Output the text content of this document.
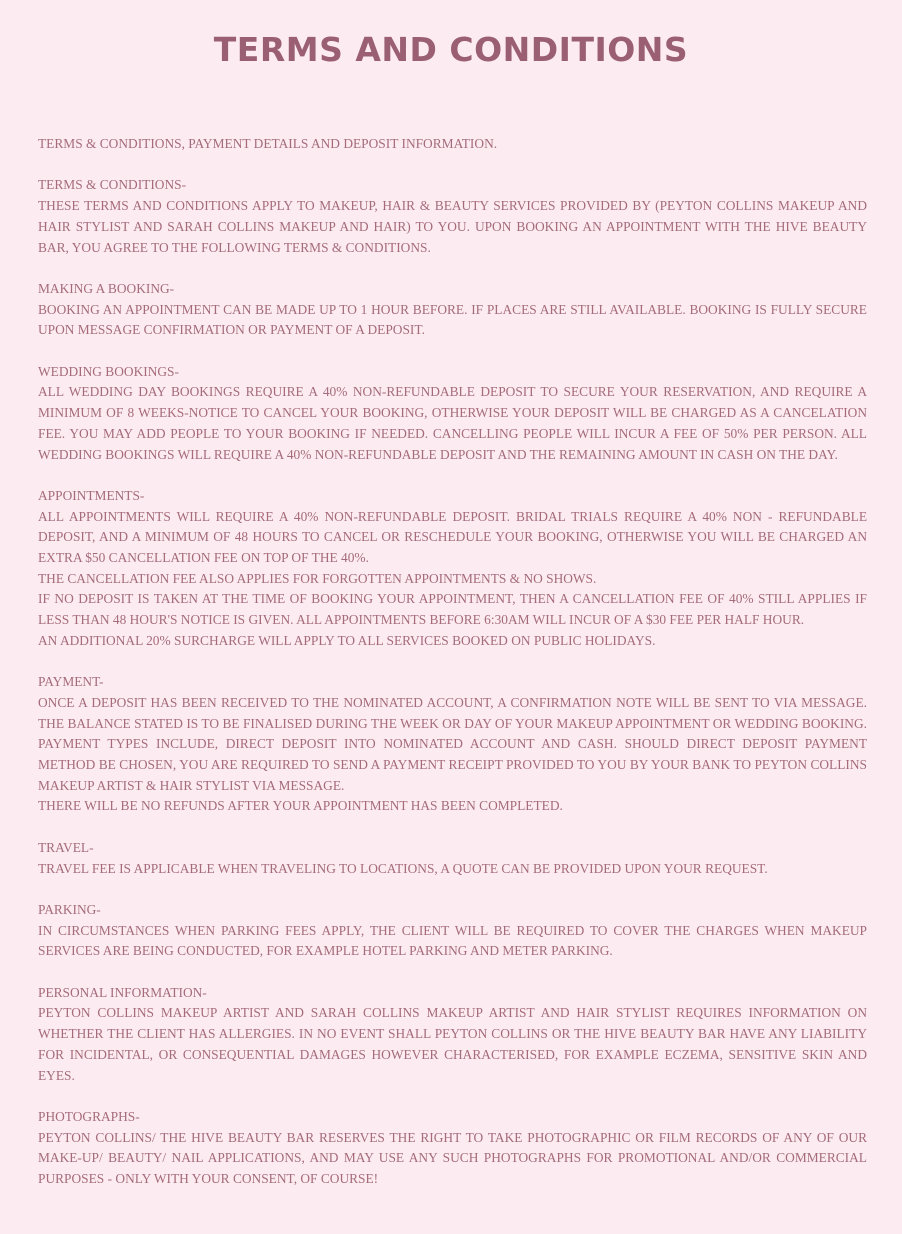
TERMS AND CONDITIONS

TERMS & CONDITIONS, PAYMENT DETAILS AND DEPOSIT INFORMATION.

TERMS & CONDITIONS-

THESE TERMS AND CONDITIONS APPLY TO MAKEUP, HAIR & BEAUTY SERVICES PROVIDED BY (PEYTON COLLINS MAKEUP AND HAIR STYLIST AND SARAH COLLINS MAKEUP AND HAIR) TO YOU. UPON BOOKING AN APPOINTMENT WITH THE HIVE BEAUTY BAR, YOU AGREE TO THE FOLLOWING TERMS & CONDITIONS.

MAKING A BOOKING-

BOOKING AN APPOINTMENT CAN BE MADE UP TO 1 HOUR BEFORE. IF PLACES ARE STILL AVAILABLE. BOOKING IS FULLY SECURE UPON MESSAGE CONFIRMATION OR PAYMENT OF A DEPOSIT.

WEDDING BOOKINGS-

ALL WEDDING DAY BOOKINGS REQUIRE A 40% NON-REFUNDABLE DEPOSIT TO SECURE YOUR RESERVATION, AND REQUIRE A MINIMUM OF 8 WEEKS-NOTICE TO CANCEL YOUR BOOKING, OTHERWISE YOUR DEPOSIT WILL BE CHARGED AS A CANCELATION FEE. YOU MAY ADD PEOPLE TO YOUR BOOKING IF NEEDED. CANCELLING PEOPLE WILL INCUR A FEE OF 50% PER PERSON. ALL WEDDING BOOKINGS WILL REQUIRE A 40% NON-REFUNDABLE DEPOSIT AND THE REMAINING AMOUNT IN CASH ON THE DAY.

APPOINTMENTS-

ALL APPOINTMENTS WILL REQUIRE A 40% NON-REFUNDABLE DEPOSIT. BRIDAL TRIALS REQUIRE A 40% NON - REFUNDABLE DEPOSIT, AND A MINIMUM OF 48 HOURS TO CANCEL OR RESCHEDULE YOUR BOOKING, OTHERWISE YOU WILL BE CHARGED AN EXTRA $50 CANCELLATION FEE ON TOP OF THE 40%.

THE CANCELLATION FEE ALSO APPLIES FOR FORGOTTEN APPOINTMENTS & NO SHOWS.

IF NO DEPOSIT IS TAKEN AT THE TIME OF BOOKING YOUR APPOINTMENT, THEN A CANCELLATION FEE OF 40% STILL APPLIES IF LESS THAN 48 HOUR'S NOTICE IS GIVEN. ALL APPOINTMENTS BEFORE 6:30AM WILL INCUR OF A $30 FEE PER HALF HOUR.

AN ADDITIONAL 20% SURCHARGE WILL APPLY TO ALL SERVICES BOOKED ON PUBLIC HOLIDAYS.

PAYMENT-

ONCE A DEPOSIT HAS BEEN RECEIVED TO THE NOMINATED ACCOUNT, A CONFIRMATION NOTE WILL BE SENT TO VIA MESSAGE. THE BALANCE STATED IS TO BE FINALISED DURING THE WEEK OR DAY OF YOUR MAKEUP APPOINTMENT OR WEDDING BOOKING. PAYMENT TYPES INCLUDE, DIRECT DEPOSIT INTO NOMINATED ACCOUNT AND CASH. SHOULD DIRECT DEPOSIT PAYMENT METHOD BE CHOSEN, YOU ARE REQUIRED TO SEND A PAYMENT RECEIPT PROVIDED TO YOU BY YOUR BANK TO PEYTON COLLINS MAKEUP ARTIST & HAIR STYLIST VIA MESSAGE.

THERE WILL BE NO REFUNDS AFTER YOUR APPOINTMENT HAS BEEN COMPLETED.

TRAVEL-

TRAVEL FEE IS APPLICABLE WHEN TRAVELING TO LOCATIONS, A QUOTE CAN BE PROVIDED UPON YOUR REQUEST.

PARKING-

IN CIRCUMSTANCES WHEN PARKING FEES APPLY, THE CLIENT WILL BE REQUIRED TO COVER THE CHARGES WHEN MAKEUP SERVICES ARE BEING CONDUCTED, FOR EXAMPLE HOTEL PARKING AND METER PARKING.

PERSONAL INFORMATION-

PEYTON COLLINS MAKEUP ARTIST AND SARAH COLLINS MAKEUP ARTIST AND HAIR STYLIST REQUIRES INFORMATION ON WHETHER THE CLIENT HAS ALLERGIES. IN NO EVENT SHALL PEYTON COLLINS OR THE HIVE BEAUTY BAR HAVE ANY LIABILITY FOR INCIDENTAL, OR CONSEQUENTIAL DAMAGES HOWEVER CHARACTERISED, FOR EXAMPLE ECZEMA, SENSITIVE SKIN AND EYES.

PHOTOGRAPHS-

PEYTON COLLINS/ THE HIVE BEAUTY BAR RESERVES THE RIGHT TO TAKE PHOTOGRAPHIC OR FILM RECORDS OF ANY OF OUR MAKE-UP/ BEAUTY/ NAIL APPLICATIONS, AND MAY USE ANY SUCH PHOTOGRAPHS FOR PROMOTIONAL AND/OR COMMERCIAL PURPOSES - ONLY WITH YOUR CONSENT, OF COURSE!
